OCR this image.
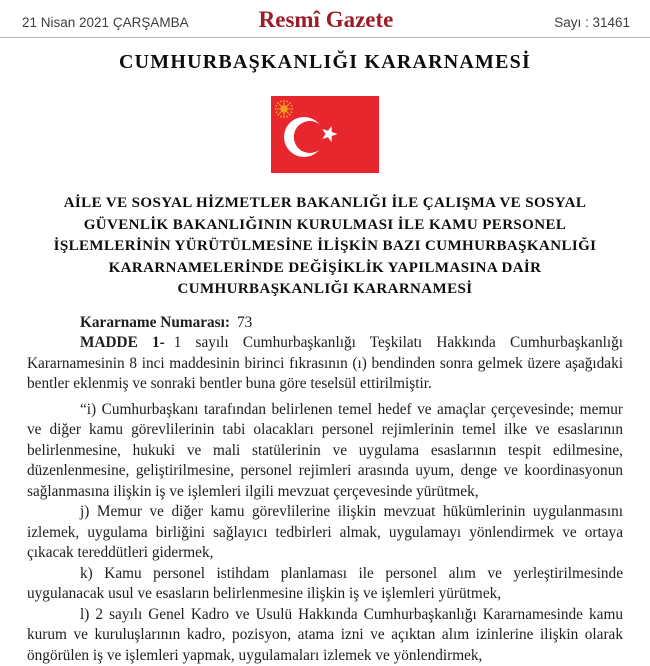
21 Nisan 2021 ÇARŞAMBA	Resmî Gazete	Sayı : 31461
CUMHURBAŞKANLIĞI KARARNAMESİ
AİLE VE SOSYAL HİZMETLER BAKANLIĞI İLE ÇALIŞMA VE SOSYAL
GÜVENLİK BAKANLIĞININ KURULMASI İLE KAMU PERSONEL
İŞLEMLERİNİN YÜRÜTÜLMESİNE İLİŞKİN BAZI CUMHURBAŞKANLIĞI
KARARNAMELERİNDE DEĞİŞİKLİK YAPILMASINA DAİR
CUMHURBAŞKANLIĞI KARARNAMESİ

Kararname Numarası: 73

MADDE 1- 1 sayılı Cumhurbaşkanlığı Teşkilatı Hakkında Cumhurbaşkanlığı Kararnamesinin 8 inci maddesinin birinci fıkrasının (ı) bendinden sonra gelmek üzere aşağıdaki bentler eklenmiş ve sonraki bentler buna göre teselsül ettirilmiştir.

“i) Cumhurbaşkanı tarafından belirlenen temel hedef ve amaçlar çerçevesinde; memur ve diğer kamu görevlilerinin tabi olacakları personel rejimlerinin temel ilke ve esaslarının belirlenmesine, hukuki ve mali statülerinin ve uygulama esaslarının tespit edilmesine, düzenlenmesine, geliştirilmesine, personel rejimleri arasında uyum, denge ve koordinasyonun sağlanmasına ilişkin iş ve işlemleri ilgili mevzuat çerçevesinde yürütmek,

j) Memur ve diğer kamu görevlilerine ilişkin mevzuat hükümlerinin uygulanmasını izlemek, uygulama birliğini sağlayıcı tedbirleri almak, uygulamayı yönlendirmek ve ortaya çıkacak tereddütleri gidermek,

k) Kamu personel istihdam planlaması ile personel alım ve yerleştirilmesinde uygulanacak usul ve esasların belirlenmesine ilişkin iş ve işlemleri yürütmek,

l) 2 sayılı Genel Kadro ve Usulü Hakkında Cumhurbaşkanlığı Kararnamesinde kamu kurum ve kuruluşlarının kadro, pozisyon, atama izni ve açıktan alım izinlerine ilişkin olarak öngörülen iş ve işlemleri yapmak, uygulamaları izlemek ve yönlendirmek,
